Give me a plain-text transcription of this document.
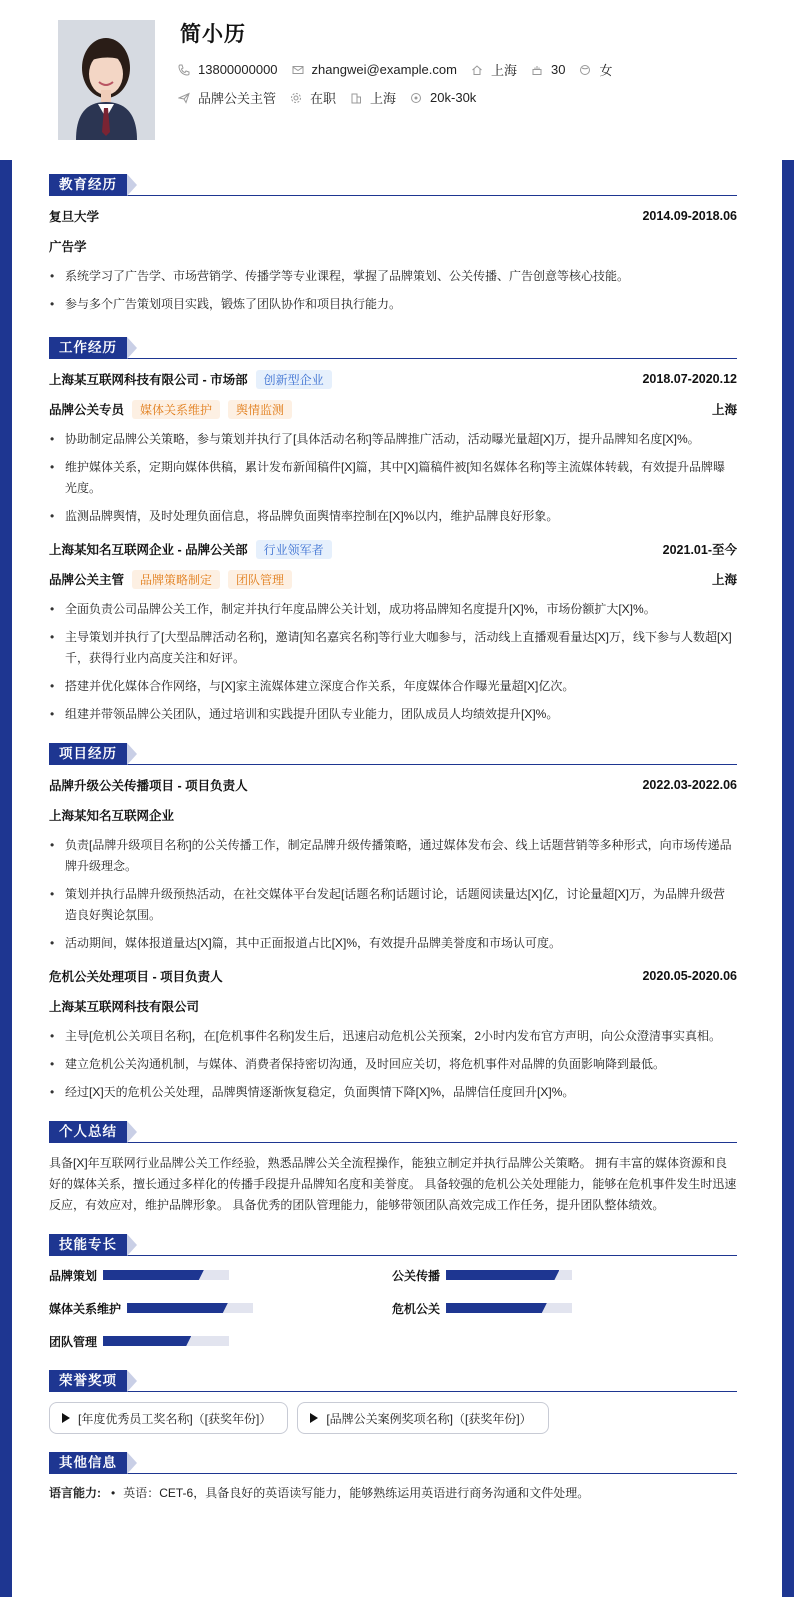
简小历
13800000000	zhangwei@example.com	上海	30	女
品牌公关主管	在职	上海	20k-30k
教育经历
复旦大学	2014.09-2018.06
广告学
• 系统学习了广告学、市场营销学、传播学等专业课程，掌握了品牌策划、公关传播、广告创意等核心技能。
• 参与多个广告策划项目实践，锻炼了团队协作和项目执行能力。
工作经历
上海某互联网科技有限公司 - 市场部	创新型企业	2018.07-2020.12
品牌公关专员	媒体关系维护	舆情监测	上海
• 协助制定品牌公关策略，参与策划并执行了[具体活动名称]等品牌推广活动，活动曝光量超[X]万，提升品牌知名度[X]%。
• 维护媒体关系，定期向媒体供稿，累计发布新闻稿件[X]篇，其中[X]篇稿件被[知名媒体名称]等主流媒体转载，有效提升品牌曝光度。
• 监测品牌舆情，及时处理负面信息，将品牌负面舆情率控制在[X]%以内，维护品牌良好形象。
上海某知名互联网企业 - 品牌公关部	行业领军者	2021.01-至今
品牌公关主管	品牌策略制定	团队管理	上海
• 全面负责公司品牌公关工作，制定并执行年度品牌公关计划，成功将品牌知名度提升[X]%，市场份额扩大[X]%。
• 主导策划并执行了[大型品牌活动名称]，邀请[知名嘉宾名称]等行业大咖参与，活动线上直播观看量达[X]万，线下参与人数超[X]千，获得行业内高度关注和好评。
• 搭建并优化媒体合作网络，与[X]家主流媒体建立深度合作关系，年度媒体合作曝光量超[X]亿次。
• 组建并带领品牌公关团队，通过培训和实践提升团队专业能力，团队成员人均绩效提升[X]%。
项目经历
品牌升级公关传播项目 - 项目负责人	2022.03-2022.06
上海某知名互联网企业
• 负责[品牌升级项目名称]的公关传播工作，制定品牌升级传播策略，通过媒体发布会、线上话题营销等多种形式，向市场传递品牌升级理念。
• 策划并执行品牌升级预热活动，在社交媒体平台发起[话题名称]话题讨论，话题阅读量达[X]亿，讨论量超[X]万，为品牌升级营造良好舆论氛围。
• 活动期间，媒体报道量达[X]篇，其中正面报道占比[X]%，有效提升品牌美誉度和市场认可度。
危机公关处理项目 - 项目负责人	2020.05-2020.06
上海某互联网科技有限公司
• 主导[危机公关项目名称]，在[危机事件名称]发生后，迅速启动危机公关预案，2小时内发布官方声明，向公众澄清事实真相。
• 建立危机公关沟通机制，与媒体、消费者保持密切沟通，及时回应关切，将危机事件对品牌的负面影响降到最低。
• 经过[X]天的危机公关处理，品牌舆情逐渐恢复稳定，负面舆情下降[X]%，品牌信任度回升[X]%。
个人总结

具备[X]年互联网行业品牌公关工作经验，熟悉品牌公关全流程操作，能独立制定并执行品牌公关策略。 拥有丰富的媒体资源和良好的媒体关系，擅长通过多样化的传播手段提升品牌知名度和美誉度。 具备较强的危机公关处理能力，能够在危机事件发生时迅速反应，有效应对，维护品牌形象。 具备优秀的团队管理能力，能够带领团队高效完成工作任务，提升团队整体绩效。

技能专长
品牌策划	公关传播
媒体关系维护	危机公关
团队管理
荣誉奖项
[年度优秀员工奖名称]（[获奖年份]）	[品牌公关案例奖项名称]（[获奖年份]）
其他信息
语言能力: • 英语：CET-6，具备良好的英语读写能力，能够熟练运用英语进行商务沟通和文件处理。
